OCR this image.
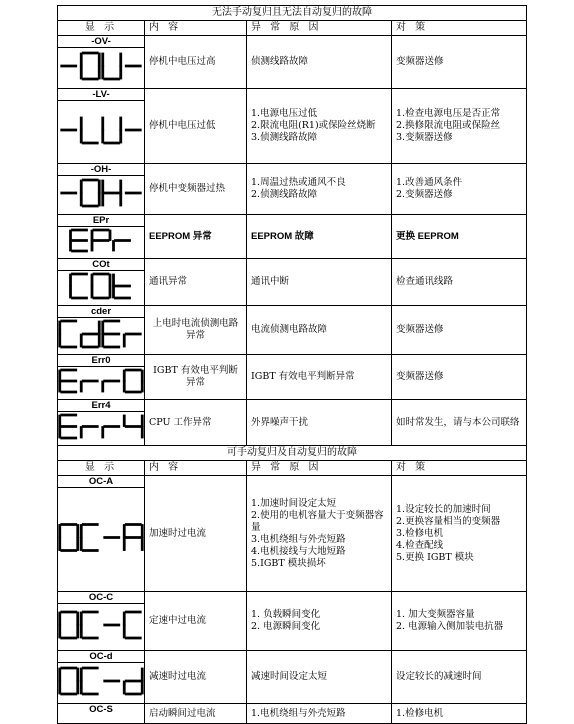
无法手动复归且无法自动复归的故障			
显 示	内 容	异 常 原 因	对 策

-OV-	停机中电压过高	侦测线路故障	变频器送修

-LV-	停机中电压过低	1.电源电压过低
2.限流电阻(R1)或保险丝烧断
3.侦测线路故障	1.检查电源电压是否正常
2.换修限流电阻或保险丝
3.变频器送修

-OH-	停机中变频器过热	1.周温过热或通风不良
2.侦测线路故障	1.改善通风条件
2.变频器送修

EPr	EEPROM 异常	EEPROM 故障	更换 EEPROM

COt	通讯异常	通讯中断	检查通讯线路

cder	上电时电流侦测电路异常	电流侦测电路故障	变频器送修

Err0	IGBT 有效电平判断异常	IGBT 有效电平判断异常	变频器送修

Err4	CPU 工作异常	外界噪声干扰	如时常发生，请与本公司联络

可手动复归及自动复归的故障			
显 示	内 容	异 常 原 因	对 策

OC-A	加速时过电流	1.加速时间设定太短
2.使用的电机容量大于变频器容量
3.电机绕组与外壳短路
4.电机接线与大地短路
5.IGBT 模块损坏	1.设定较长的加速时间
2.更换容量相当的变频器
3.检修电机
4.检查配线
5.更换 IGBT 模块

OC-C	定速中过电流	1. 负载瞬间变化
2. 电源瞬间变化	1. 加大变频器容量
2. 电源输入侧加装电抗器

OC-d	减速时过电流	减速时间设定太短	设定较长的减速时间

OC-S	启动瞬间过电流	1.电机绕组与外壳短路	1.检修电机
